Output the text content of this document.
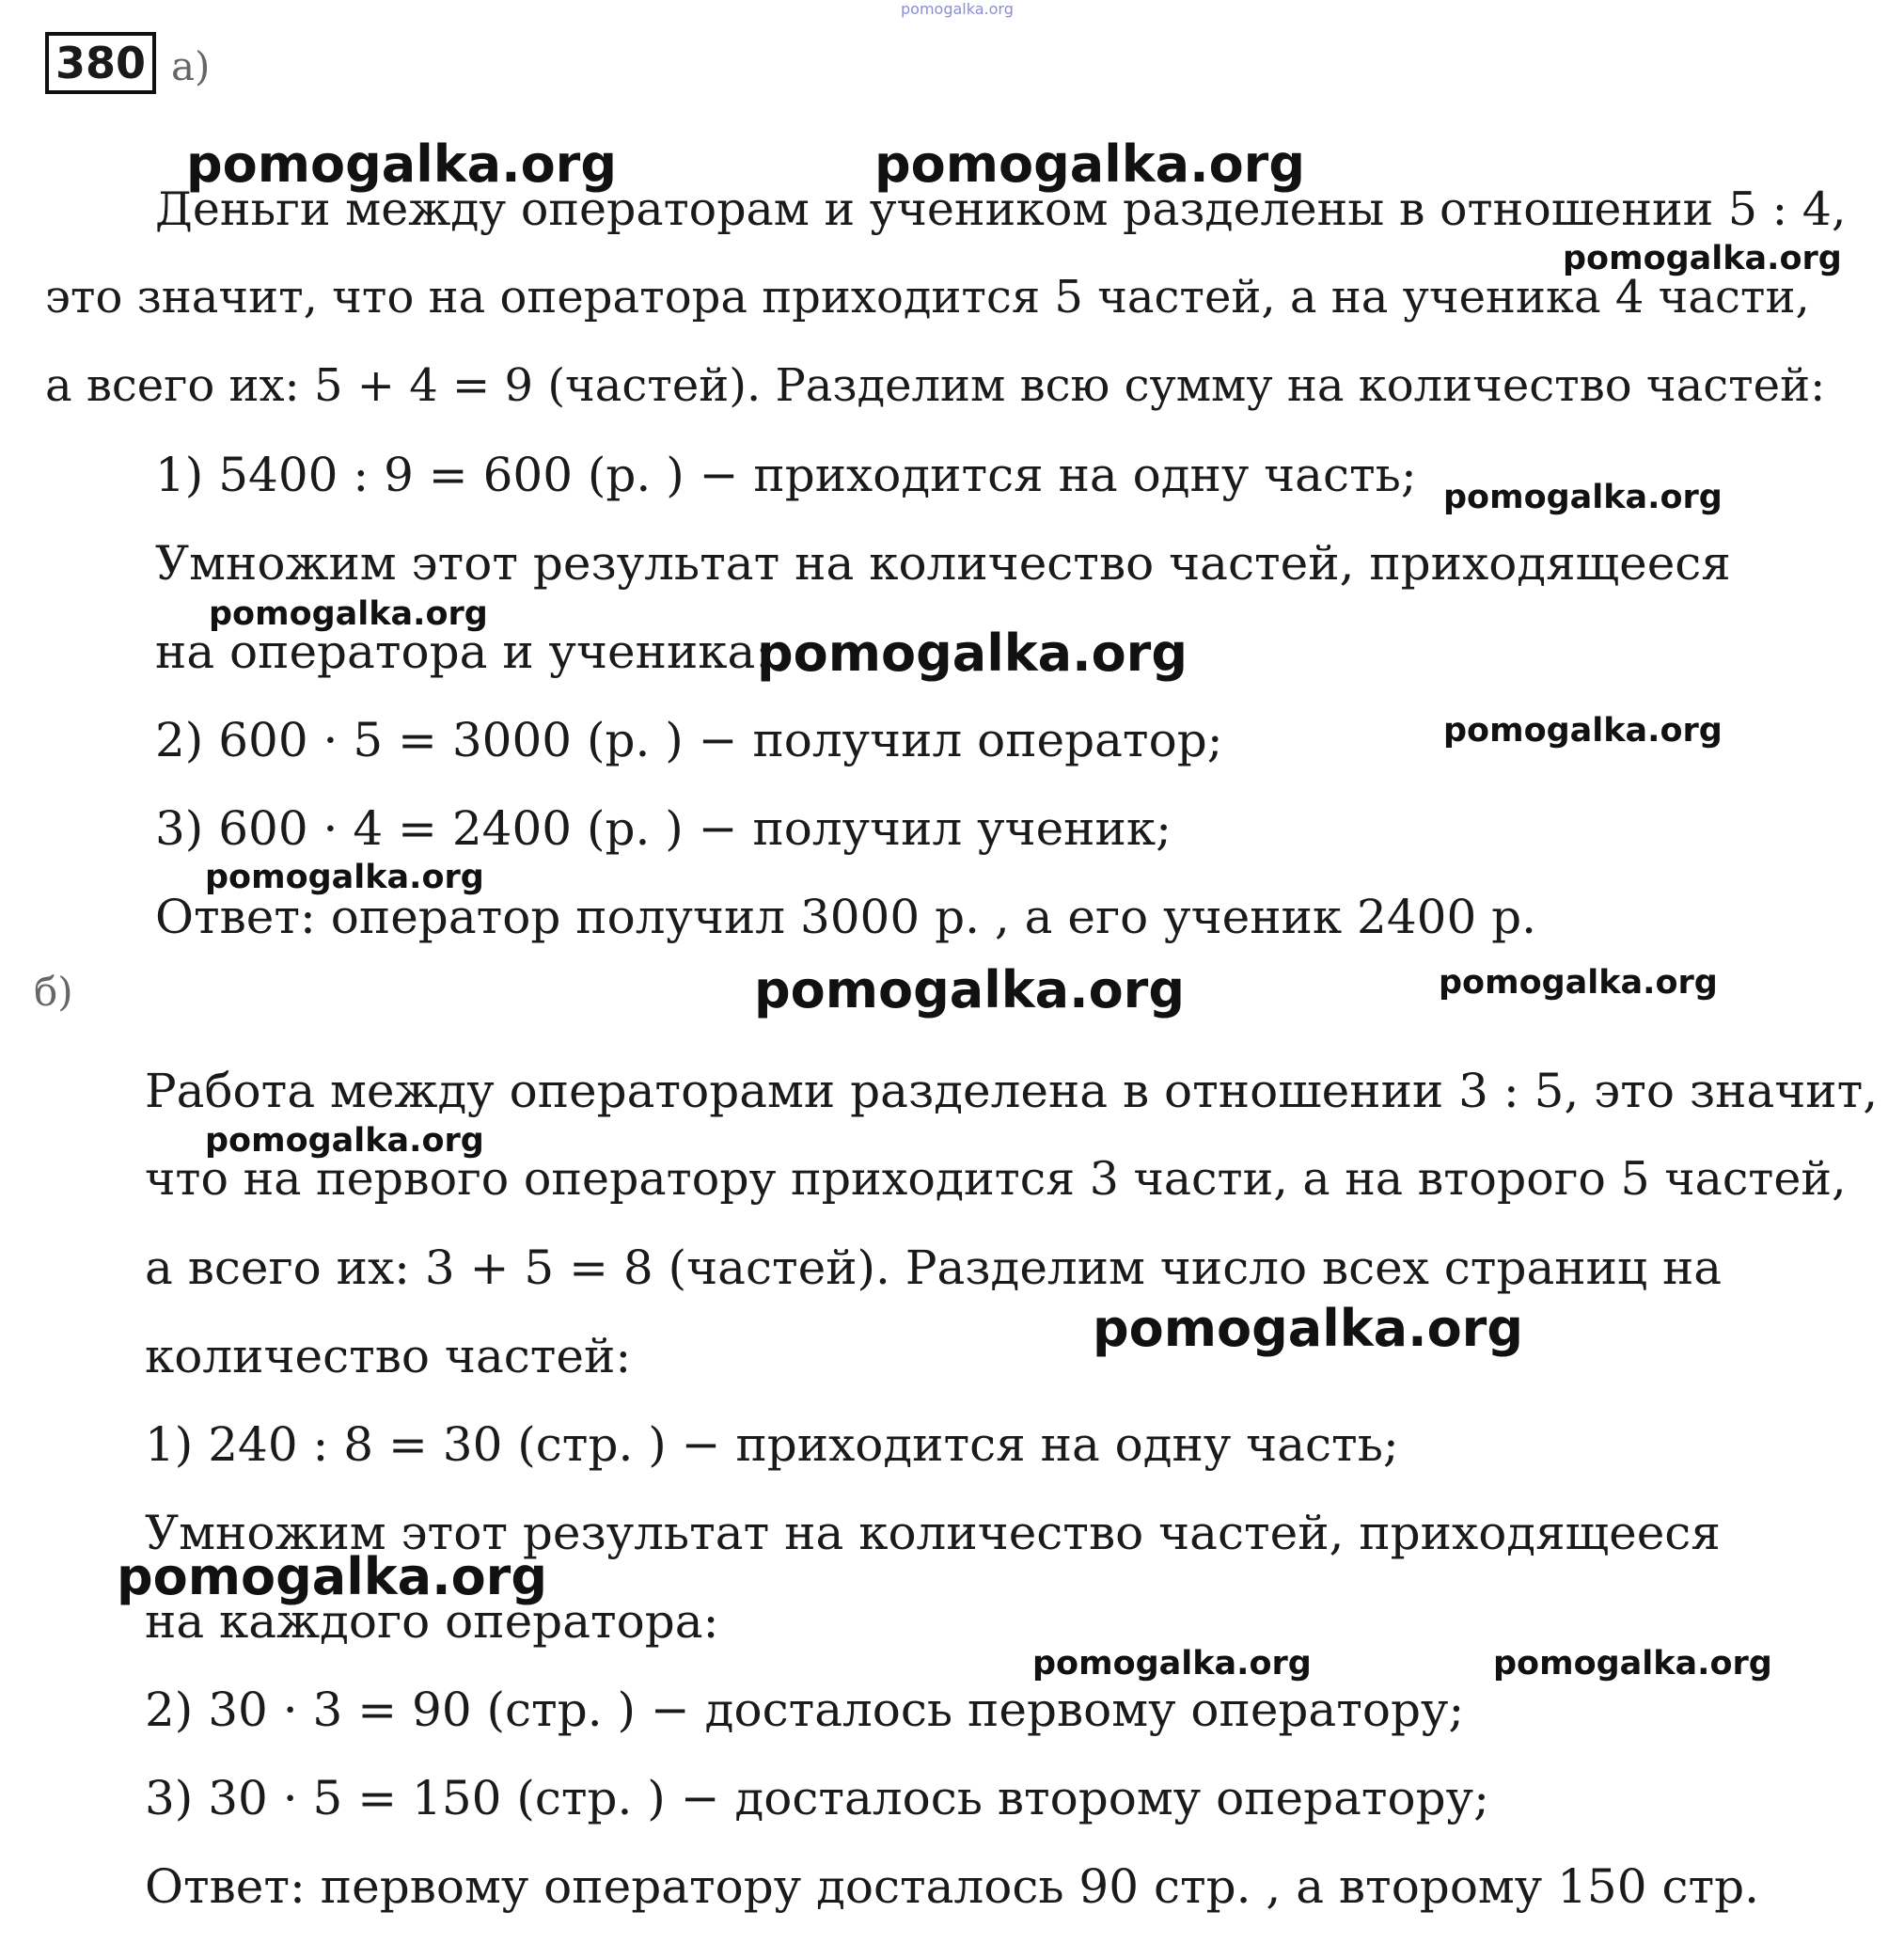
380 а)
Деньги между операторам и учеником разделены в отношении 5 : 4,
это значит, что на оператора приходится 5 частей, а на ученика 4 части,
а всего их: 5 + 4 = 9 (частей). Разделим всю сумму на количество частей:
1) 5400 : 9 = 600 (р. ) − приходится на одну часть;
Умножим этот результат на количество частей, приходящееся
на оператора и ученика:
2) 600 · 5 = 3000 (р. ) − получил оператор;
3) 600 · 4 = 2400 (р. ) − получил ученик;
Ответ: оператор получил 3000 р. , а его ученик 2400 р.
б)
Работа между операторами разделена в отношении 3 : 5, это значит,
что на первого оператору приходится 3 части, а на второго 5 частей,
а всего их: 3 + 5 = 8 (частей). Разделим число всех страниц на
количество частей:
1) 240 : 8 = 30 (стр. ) − приходится на одну часть;
Умножим этот результат на количество частей, приходящееся
на каждого оператора:
2) 30 · 3 = 90 (стр. ) − досталось первому оператору;
3) 30 · 5 = 150 (стр. ) − досталось второму оператору;
Ответ: первому оператору досталось 90 стр. , а второму 150 стр.
pomogalka.org
pomogalka.org	pomogalka.org
pomogalka.org
pomogalka.org
pomogalka.org
pomogalka.org
pomogalka.org
pomogalka.org
pomogalka.org
pomogalka.org
pomogalka.org
pomogalka.org
pomogalka.org
pomogalka.org	pomogalka.org
